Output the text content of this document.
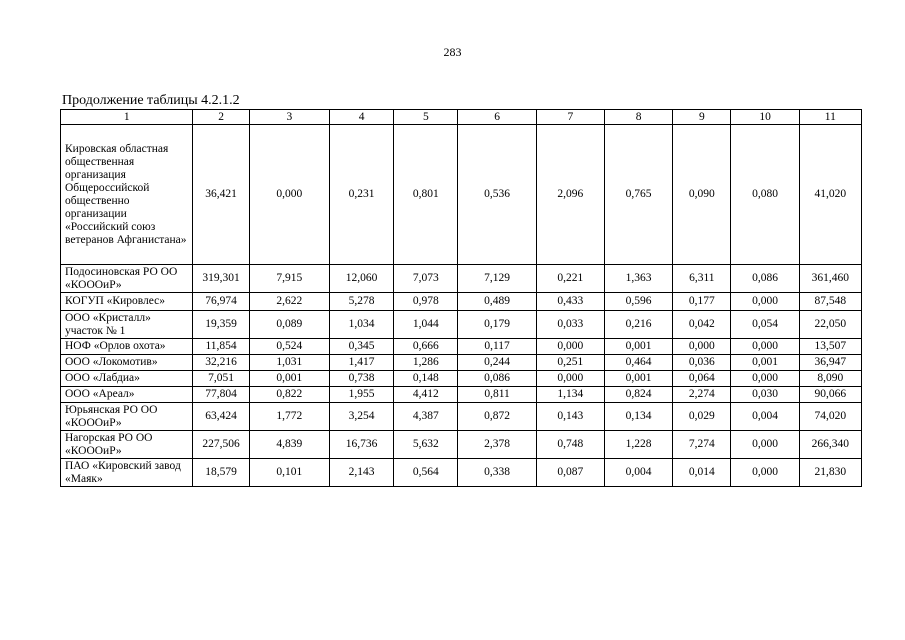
283
Продолжение таблицы 4.2.1.2
1	2	3	4	5	6	7	8	9	10	11
Кировская областная общественная организация Общероссийской общественно организации «Российский союз ветеранов Афганистана»	36,421	0,000	0,231	0,801	0,536	2,096	0,765	0,090	0,080	41,020
Подосиновская РО ОО «КОООиР»	319,301	7,915	12,060	7,073	7,129	0,221	1,363	6,311	0,086	361,460
КОГУП «Кировлес»	76,974	2,622	5,278	0,978	0,489	0,433	0,596	0,177	0,000	87,548
ООО «Кристалл» участок № 1	19,359	0,089	1,034	1,044	0,179	0,033	0,216	0,042	0,054	22,050
НОФ «Орлов охота»	11,854	0,524	0,345	0,666	0,117	0,000	0,001	0,000	0,000	13,507
ООО «Локомотив»	32,216	1,031	1,417	1,286	0,244	0,251	0,464	0,036	0,001	36,947
ООО «Лабдиа»	7,051	0,001	0,738	0,148	0,086	0,000	0,001	0,064	0,000	8,090
ООО «Ареал»	77,804	0,822	1,955	4,412	0,811	1,134	0,824	2,274	0,030	90,066
Юрьянская РО ОО «КОООиР»	63,424	1,772	3,254	4,387	0,872	0,143	0,134	0,029	0,004	74,020
Нагорская РО ОО «КОООиР»	227,506	4,839	16,736	5,632	2,378	0,748	1,228	7,274	0,000	266,340
ПАО «Кировский завод «Маяк»	18,579	0,101	2,143	0,564	0,338	0,087	0,004	0,014	0,000	21,830
